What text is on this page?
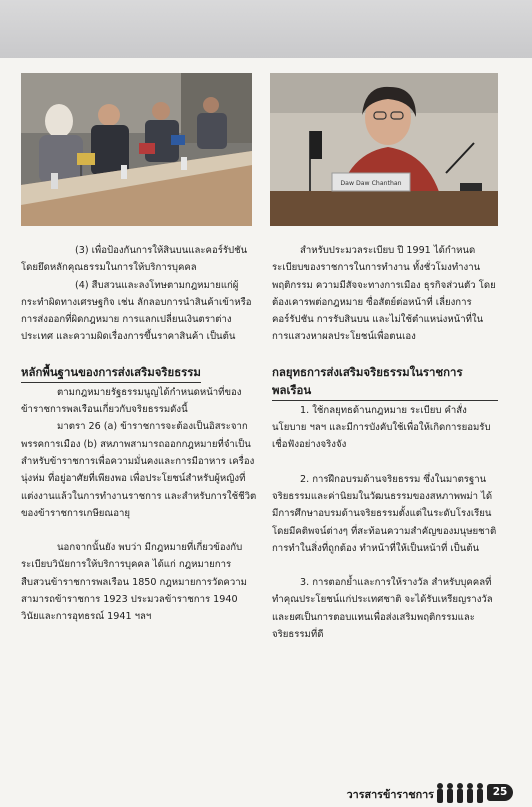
Daw Daw Chanthan

(3) เพื่อป้องกันการให้สินบนและคอร์รัปชัน โดยยึดหลักคุณธรรมในการให้บริการบุคคล

(4) สืบสวนและลงโทษตามกฎหมายแก่ผู้กระทำผิดทางเศรษฐกิจ เช่น ลักลอบการนำสินค้าเข้าหรือการส่งออกที่ผิดกฎหมาย การแลกเปลี่ยนเงินตราต่างประเทศ และความผิดเรื่องการขึ้นราคาสินค้า เป็นต้น

หลักพื้นฐานของการส่งเสริมจริยธรรม

ตามกฎหมายรัฐธรรมนูญได้กำหนดหน้าที่ของข้าราชการพลเรือนเกี่ยวกับจริยธรรมดังนี้

มาตรา 26 (a) ข้าราชการจะต้องเป็นอิสระจากพรรคการเมือง (b) สหภาพสามารถออกกฎหมายที่จำเป็นสำหรับข้าราชการเพื่อความมั่นคงและการมีอาหาร เครื่องนุ่งห่ม ที่อยู่อาศัยที่เพียงพอ เพื่อประโยชน์สำหรับผู้หญิงที่แต่งงานแล้วในการทำงานราชการ และสำหรับการใช้ชีวิตของข้าราชการเกษียณอายุ

นอกจากนั้นยัง พบว่า มีกฎหมายที่เกี่ยวข้องกับระเบียบวินัยการให้บริการบุคคล ได้แก่ กฎหมายการสืบสวนข้าราชการพลเรือน 1850 กฎหมายการวัดความสามารถข้าราชการ 1923 ประมวลข้าราชการ 1940 วินัยและการอุทธรณ์ 1941 ฯลฯ

สำหรับประมวลระเบียบ ปี 1991 ได้กำหนดระเบียบของราชการในการทำงาน ทั้งชั่วโมงทำงาน พฤติกรรม ความมีสัจจะทางการเมือง ธุรกิจส่วนตัว โดยต้องเคารพต่อกฎหมาย ซื่อสัตย์ต่อหน้าที่ เลี่ยงการคอร์รัปชัน การรับสินบน และไม่ใช้ตำแหน่งหน้าที่ในการแสวงหาผลประโยชน์เพื่อตนเอง

กลยุทธการส่งเสริมจริยธรรมในราชการพลเรือน

1. ใช้กลยุทธด้านกฎหมาย ระเบียบ คำสั่ง นโยบาย ฯลฯ และมีการบังคับใช้เพื่อให้เกิดการยอมรับเชื่อฟังอย่างจริงจัง

2. การฝึกอบรมด้านจริยธรรม ซึ่งในมาตรฐานจริยธรรมและค่านิยมในวัฒนธรรมของสหภาพพม่า ได้มีการศึกษาอบรมด้านจริยธรรมตั้งแต่ในระดับโรงเรียน โดยมีคติพจน์ต่างๆ ที่สะท้อนความสำคัญของมนุษยชาติ การทำในสิ่งที่ถูกต้อง ทำหน้าที่ให้เป็นหน้าที่ เป็นต้น

3. การตอกย้ำและการให้รางวัล สำหรับบุคคลที่ทำคุณประโยชน์แก่ประเทศชาติ จะได้รับเหรียญรางวัลและยศเป็นการตอบแทนเพื่อส่งเสริมพฤติกรรมและจริยธรรมที่ดี

วารสารข้าราชการ	25
